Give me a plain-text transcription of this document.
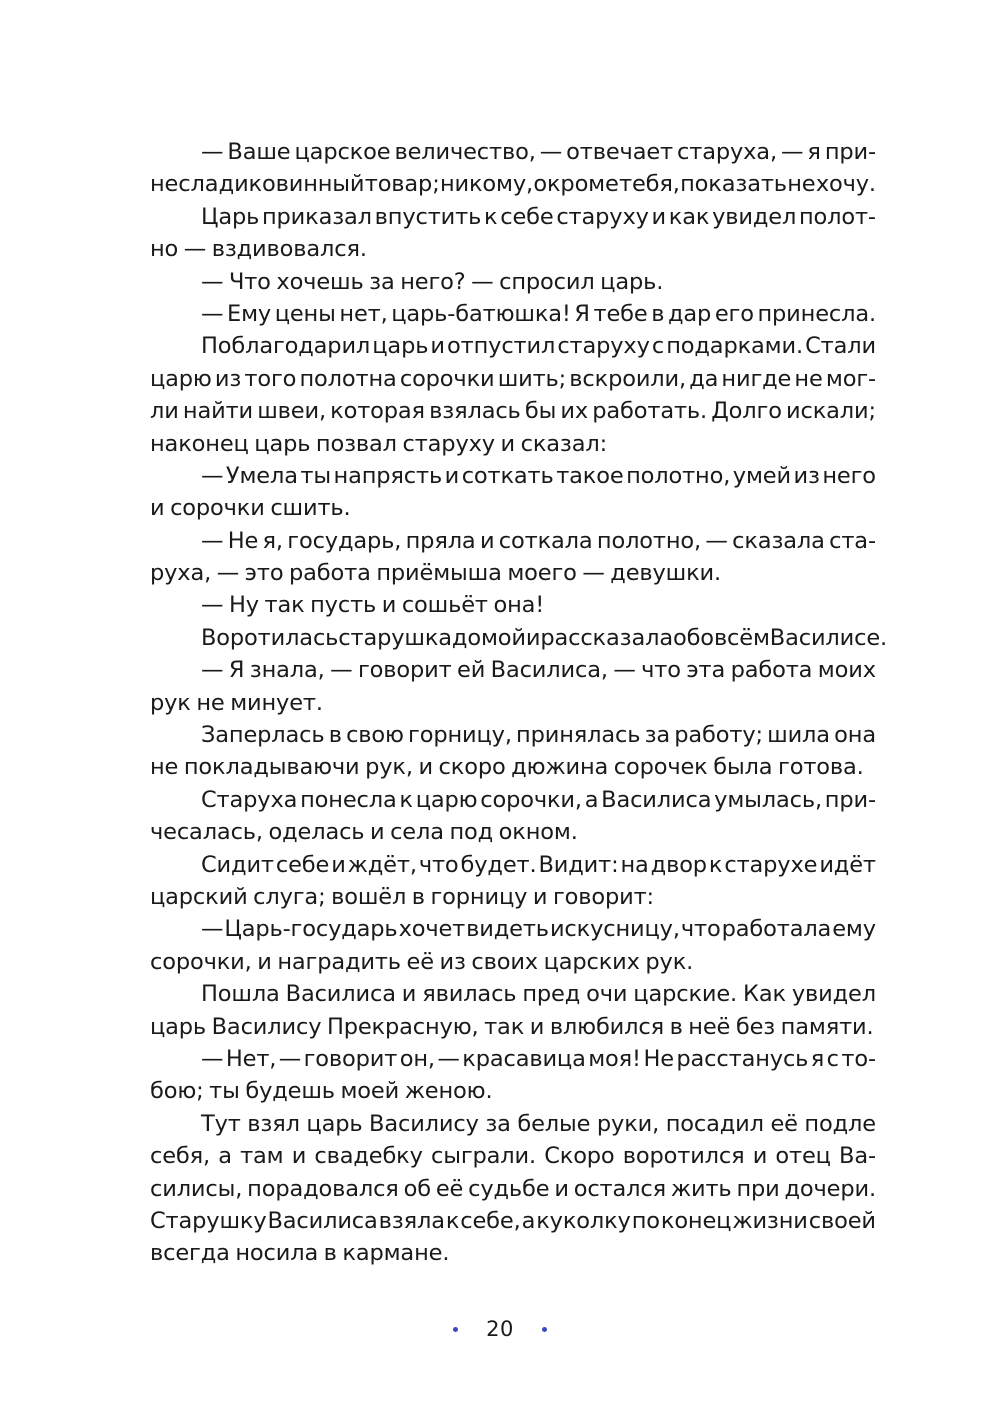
— Ваше царское величество, — отвечает старуха, — я при-
несла диковинный товар; никому, окроме тебя, показать не хочу.
Царь приказал впустить к себе старуху и как увидел полот-
но — вздивовался.
— Что хочешь за него? — спросил царь.
— Ему цены нет, царь-батюшка! Я тебе в дар его принесла.
Поблагодарил царь и отпустил старуху с подарками. Стали
царю из того полотна сорочки шить; вскроили, да нигде не мог-
ли найти швеи, которая взялась бы их работать. Долго искали;
наконец царь позвал старуху и сказал:
— Умела ты напрясть и соткать такое полотно, умей из него
и сорочки сшить.
— Не я, государь, пряла и соткала полотно, — сказала ста-
руха, — это работа приёмыша моего — девушки.
— Ну так пусть и сошьёт она!
Воротилась старушка домой и рассказала обо всём Василисе.
— Я знала, — говорит ей Василиса, — что эта работа моих
рук не минует.
Заперлась в свою горницу, принялась за работу; шила она
не покладываючи рук, и скоро дюжина сорочек была готова.
Старуха понесла к царю сорочки, а Василиса умылась, при-
чесалась, оделась и села под окном.
Сидит себе и ждёт, что будет. Видит: на двор к старухе идёт
царский слуга; вошёл в горницу и говорит:
— Царь-государь хочет видеть искусницу, что работала ему
сорочки, и наградить её из своих царских рук.
Пошла Василиса и явилась пред очи царские. Как увидел
царь Василису Прекрасную, так и влюбился в неё без памяти.
— Нет, — говорит он, — красавица моя! Не расстанусь я с то-
бою; ты будешь моей женою.
Тут взял царь Василису за белые руки, посадил её подле
себя, а там и свадебку сыграли. Скоро воротился и отец Ва-
силисы, порадовался об её судьбе и остался жить при дочери.
Старушку Василиса взяла к себе, а куколку по конец жизни своей
всегда носила в кармане.
20
